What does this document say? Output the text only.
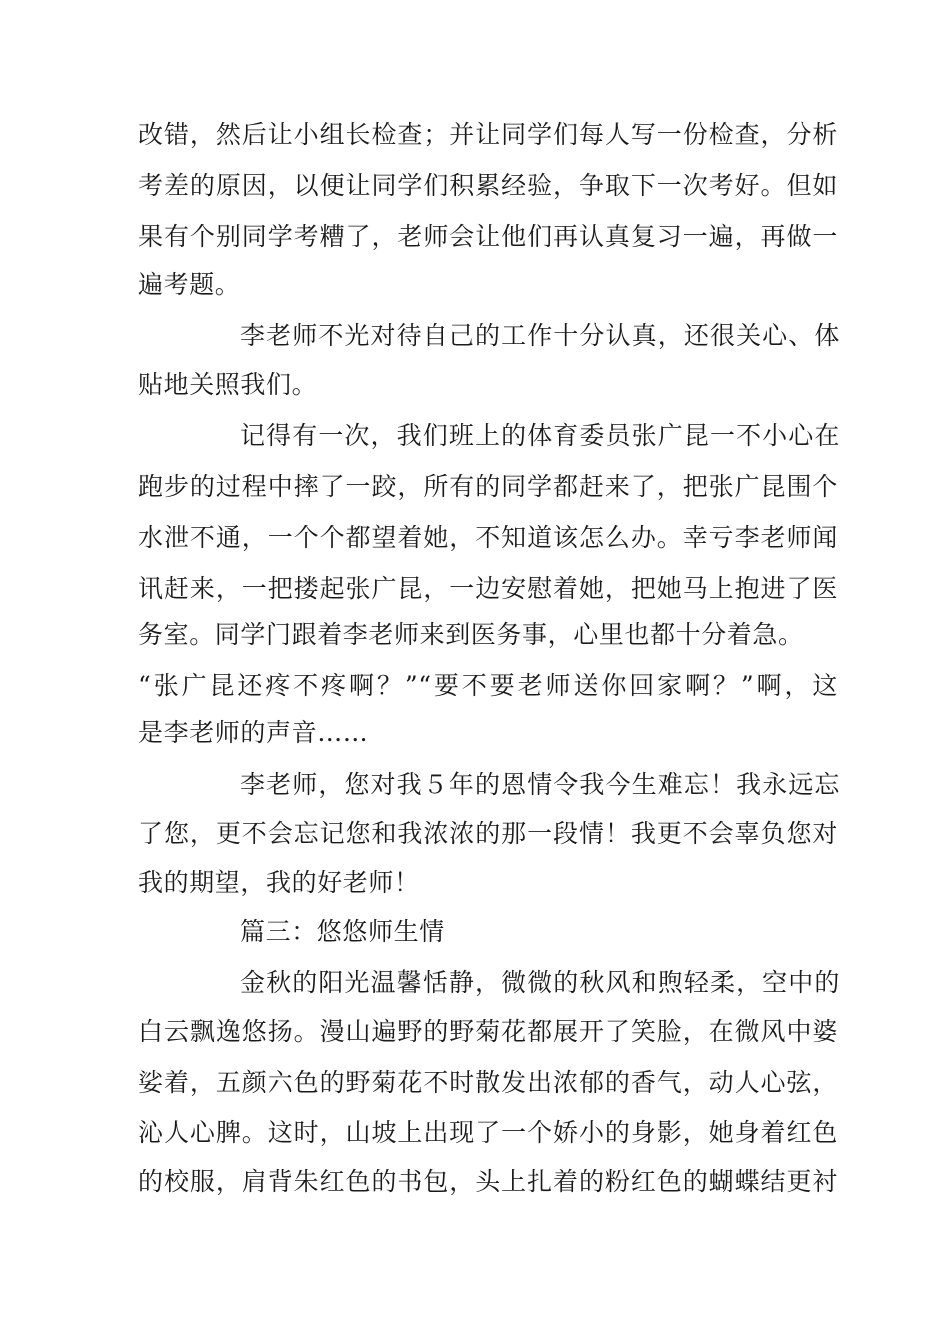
改错，然后让小组长检查；并让同学们每人写一份检查，分析
考差的原因，以便让同学们积累经验，争取下一次考好。但如
果有个别同学考糟了，老师会让他们再认真复习一遍，再做一
遍考题。
李老师不光对待自己的工作十分认真，还很关心、体
贴地关照我们。
记得有一次，我们班上的体育委员张广昆一不小心在
跑步的过程中摔了一跤，所有的同学都赶来了，把张广昆围个
水泄不通，一个个都望着她，不知道该怎么办。幸亏李老师闻
讯赶来，一把搂起张广昆，一边安慰着她，把她马上抱进了医
务室。同学门跟着李老师来到医务事，心里也都十分着急。
“张广昆还疼不疼啊？”“要不要老师送你回家啊？”啊，这
是李老师的声音……
李老师，您对我５年的恩情令我今生难忘！我永远忘
了您，更不会忘记您和我浓浓的那一段情！我更不会辜负您对
我的期望，我的好老师！
篇三：悠悠师生情
金秋的阳光温馨恬静，微微的秋风和煦轻柔，空中的
白云飘逸悠扬。漫山遍野的野菊花都展开了笑脸，在微风中婆
娑着，五颜六色的野菊花不时散发出浓郁的香气，动人心弦，
沁人心脾。这时，山坡上出现了一个娇小的身影，她身着红色
的校服，肩背朱红色的书包，头上扎着的粉红色的蝴蝶结更衬
